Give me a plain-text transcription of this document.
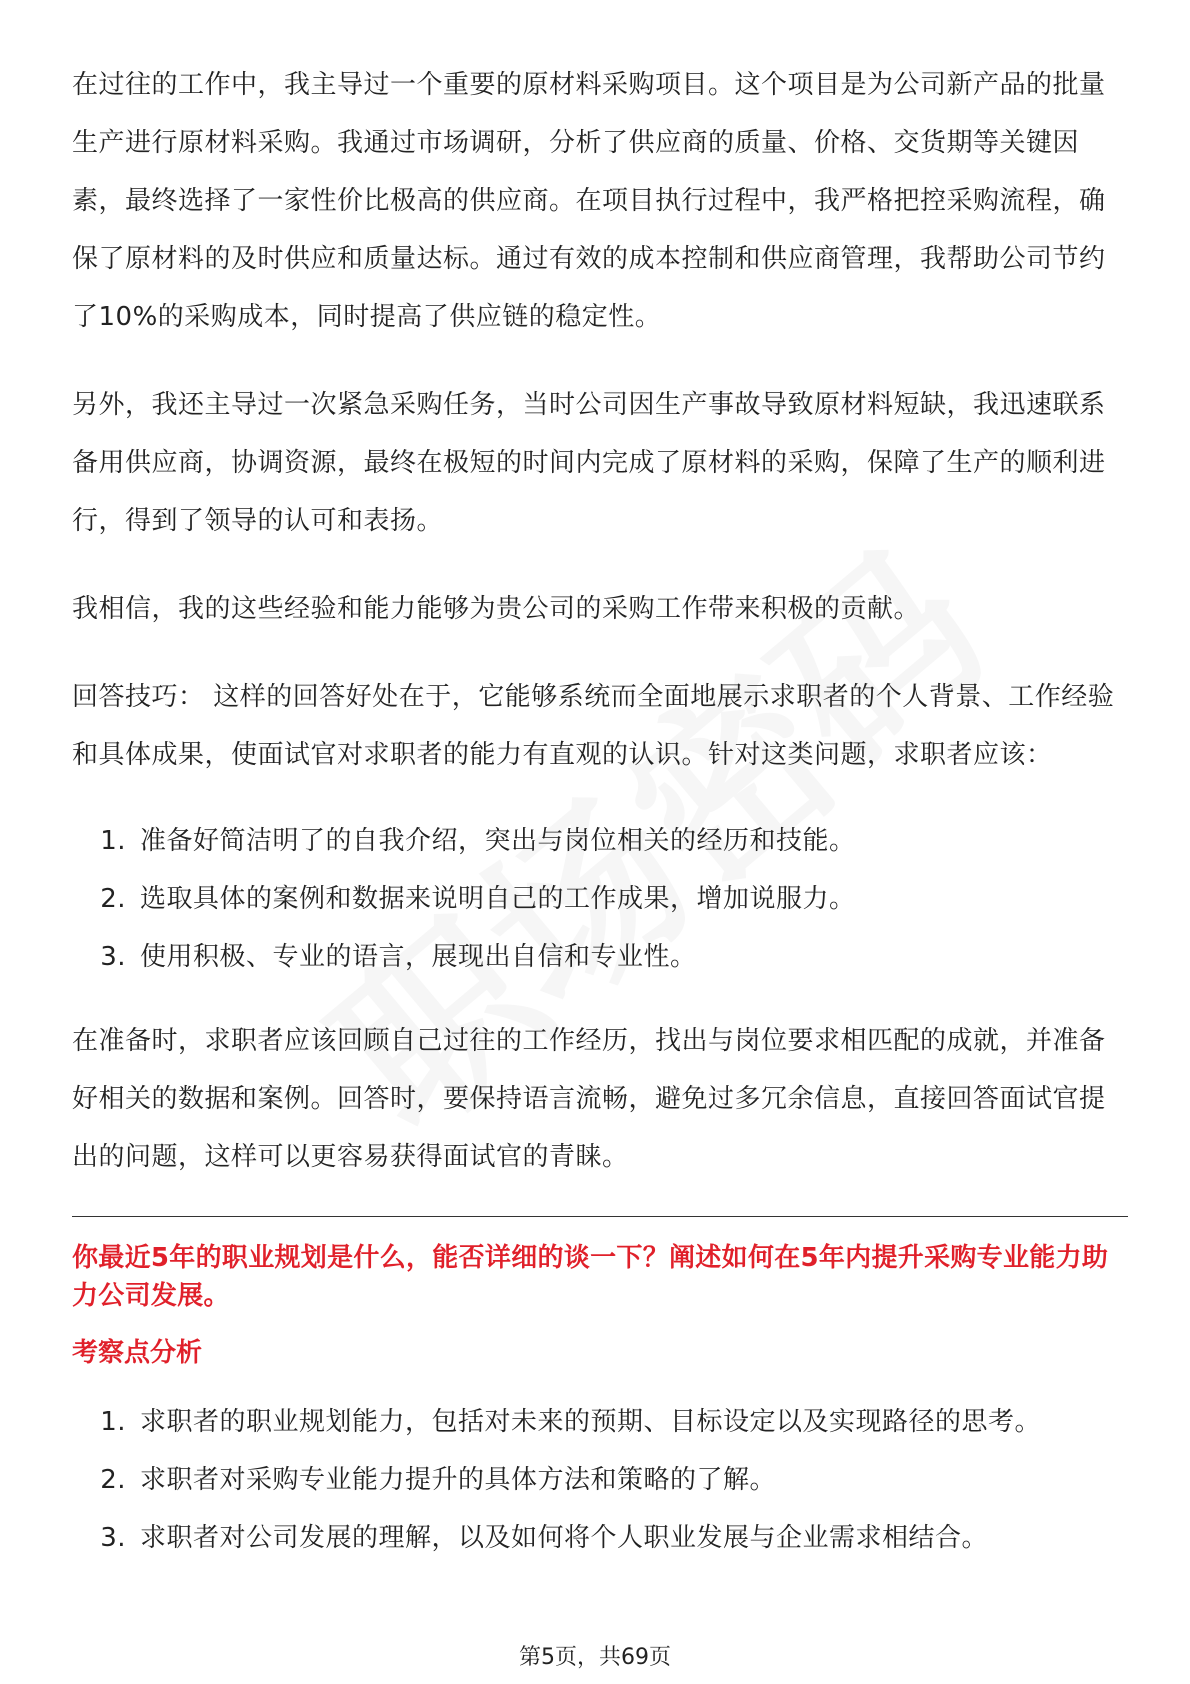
在过往的工作中，我主导过一个重要的原材料采购项目。这个项目是为公司新产品的批量生产进行原材料采购。我通过市场调研，分析了供应商的质量、价格、交货期等关键因素，最终选择了一家性价比极高的供应商。在项目执行过程中，我严格把控采购流程，确保了原材料的及时供应和质量达标。通过有效的成本控制和供应商管理，我帮助公司节约了10%的采购成本，同时提高了供应链的稳定性。

另外，我还主导过一次紧急采购任务，当时公司因生产事故导致原材料短缺，我迅速联系备用供应商，协调资源，最终在极短的时间内完成了原材料的采购，保障了生产的顺利进行，得到了领导的认可和表扬。

我相信，我的这些经验和能力能够为贵公司的采购工作带来积极的贡献。

回答技巧： 这样的回答好处在于，它能够系统而全面地展示求职者的个人背景、工作经验和具体成果，使面试官对求职者的能力有直观的认识。针对这类问题，求职者应该：

1. 准备好简洁明了的自我介绍，突出与岗位相关的经历和技能。
2. 选取具体的案例和数据来说明自己的工作成果，增加说服力。
3. 使用积极、专业的语言，展现出自信和专业性。

在准备时，求职者应该回顾自己过往的工作经历，找出与岗位要求相匹配的成就，并准备好相关的数据和案例。回答时，要保持语言流畅，避免过多冗余信息，直接回答面试官提出的问题，这样可以更容易获得面试官的青睐。

你最近5年的职业规划是什么，能否详细的谈一下？阐述如何在5年内提升采购专业能力助力公司发展。

考察点分析
1. 求职者的职业规划能力，包括对未来的预期、目标设定以及实现路径的思考。
2. 求职者对采购专业能力提升的具体方法和策略的了解。
3. 求职者对公司发展的理解，以及如何将个人职业发展与企业需求相结合。
第5页，共69页
